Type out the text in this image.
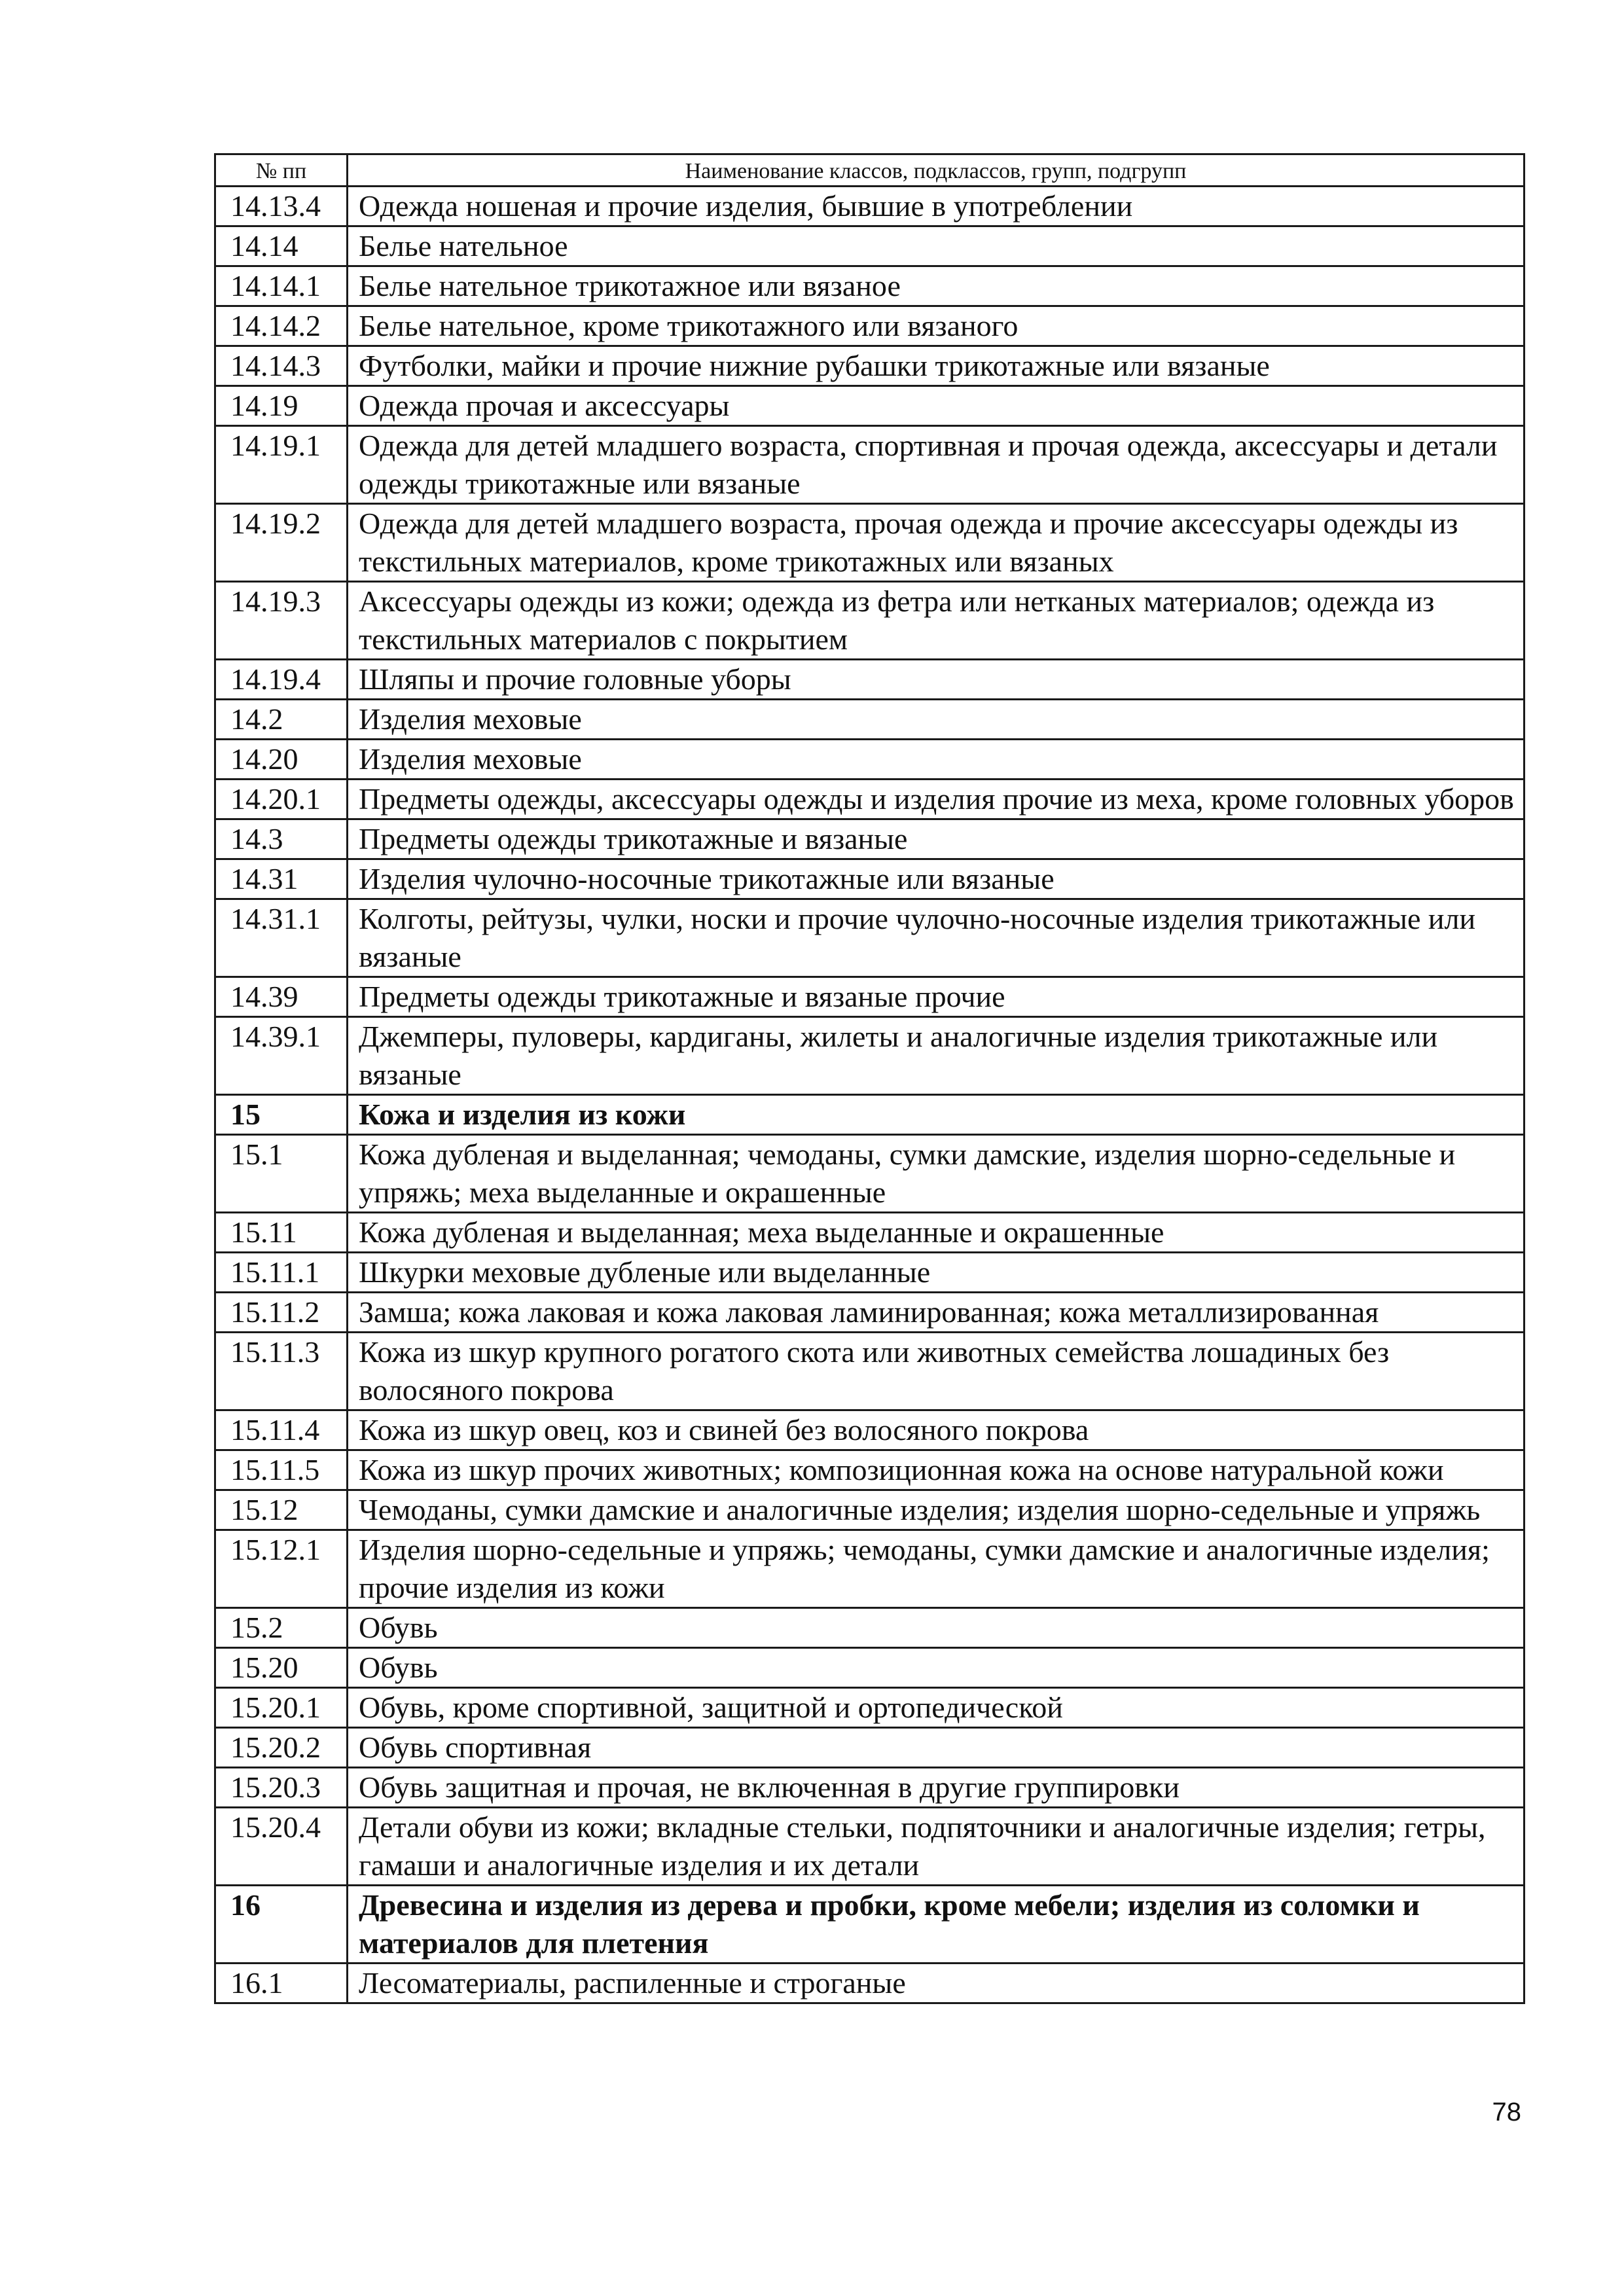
№ пп	Наименование классов, подклассов, групп, подгрупп
14.13.4	Одежда ношеная и прочие изделия, бывшие в употреблении
14.14	Белье нательное
14.14.1	Белье нательное трикотажное или вязаное
14.14.2	Белье нательное, кроме трикотажного или вязаного
14.14.3	Футболки, майки и прочие нижние рубашки трикотажные или вязаные
14.19	Одежда прочая и аксессуары
14.19.1	Одежда для детей младшего возраста, спортивная и прочая одежда, аксессуары и детали одежды трикотажные или вязаные
14.19.2	Одежда для детей младшего возраста, прочая одежда и прочие аксессуары одежды из текстильных материалов, кроме трикотажных или вязаных
14.19.3	Аксессуары одежды из кожи; одежда из фетра или нетканых материалов; одежда из текстильных материалов с покрытием
14.19.4	Шляпы и прочие головные уборы
14.2	Изделия меховые
14.20	Изделия меховые
14.20.1	Предметы одежды, аксессуары одежды и изделия прочие из меха, кроме головных уборов
14.3	Предметы одежды трикотажные и вязаные
14.31	Изделия чулочно-носочные трикотажные или вязаные
14.31.1	Колготы, рейтузы, чулки, носки и прочие чулочно-носочные изделия трикотажные или вязаные
14.39	Предметы одежды трикотажные и вязаные прочие
14.39.1	Джемперы, пуловеры, кардиганы, жилеты и аналогичные изделия трикотажные или вязаные
15	Кожа и изделия из кожи
15.1	Кожа дубленая и выделанная; чемоданы, сумки дамские, изделия шорно-седельные и упряжь; меха выделанные и окрашенные
15.11	Кожа дубленая и выделанная; меха выделанные и окрашенные
15.11.1	Шкурки меховые дубленые или выделанные
15.11.2	Замша; кожа лаковая и кожа лаковая ламинированная; кожа металлизированная
15.11.3	Кожа из шкур крупного рогатого скота или животных семейства лошадиных без волосяного покрова
15.11.4	Кожа из шкур овец, коз и свиней без волосяного покрова
15.11.5	Кожа из шкур прочих животных; композиционная кожа на основе натуральной кожи
15.12	Чемоданы, сумки дамские и аналогичные изделия; изделия шорно-седельные и упряжь
15.12.1	Изделия шорно-седельные и упряжь; чемоданы, сумки дамские и аналогичные изделия; прочие изделия из кожи
15.2	Обувь
15.20	Обувь
15.20.1	Обувь, кроме спортивной, защитной и ортопедической
15.20.2	Обувь спортивная
15.20.3	Обувь защитная и прочая, не включенная в другие группировки
15.20.4	Детали обуви из кожи; вкладные стельки, подпяточники и аналогичные изделия; гетры, гамаши и аналогичные изделия и их детали
16	Древесина и изделия из дерева и пробки, кроме мебели; изделия из соломки и материалов для плетения
16.1	Лесоматериалы, распиленные и строганые
78
